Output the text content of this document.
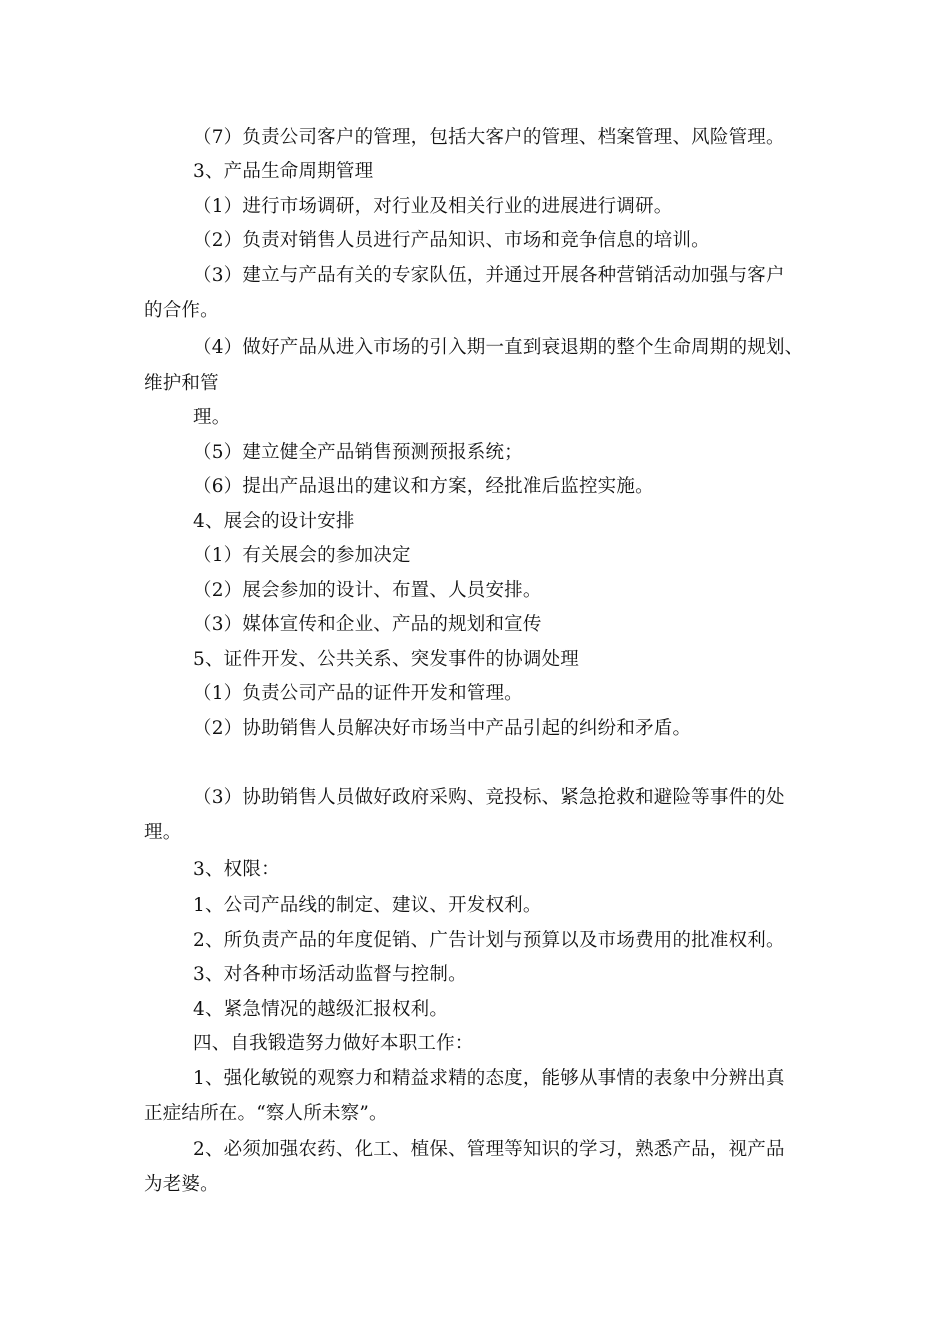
（7）负责公司客户的管理，包括大客户的管理、档案管理、风险管理。
3、产品生命周期管理
（1）进行市场调研，对行业及相关行业的进展进行调研。
（2）负责对销售人员进行产品知识、市场和竞争信息的培训。
（3）建立与产品有关的专家队伍，并通过开展各种营销活动加强与客户
的合作。
（4）做好产品从进入市场的引入期一直到衰退期的整个生命周期的规划、
维护和管
理。
（5）建立健全产品销售预测预报系统；
（6）提出产品退出的建议和方案，经批准后监控实施。
4、展会的设计安排
（1）有关展会的参加决定
（2）展会参加的设计、布置、人员安排。
（3）媒体宣传和企业、产品的规划和宣传
5、证件开发、公共关系、突发事件的协调处理
（1）负责公司产品的证件开发和管理。
（2）协助销售人员解决好市场当中产品引起的纠纷和矛盾。
（3）协助销售人员做好政府采购、竞投标、紧急抢救和避险等事件的处
理。
3、权限：
1、公司产品线的制定、建议、开发权利。
2、所负责产品的年度促销、广告计划与预算以及市场费用的批准权利。
3、对各种市场活动监督与控制。
4、紧急情况的越级汇报权利。
四、自我锻造努力做好本职工作：
1、强化敏锐的观察力和精益求精的态度，能够从事情的表象中分辨出真
正症结所在。“察人所未察”。
2、必须加强农药、化工、植保、管理等知识的学习，熟悉产品，视产品
为老婆。
